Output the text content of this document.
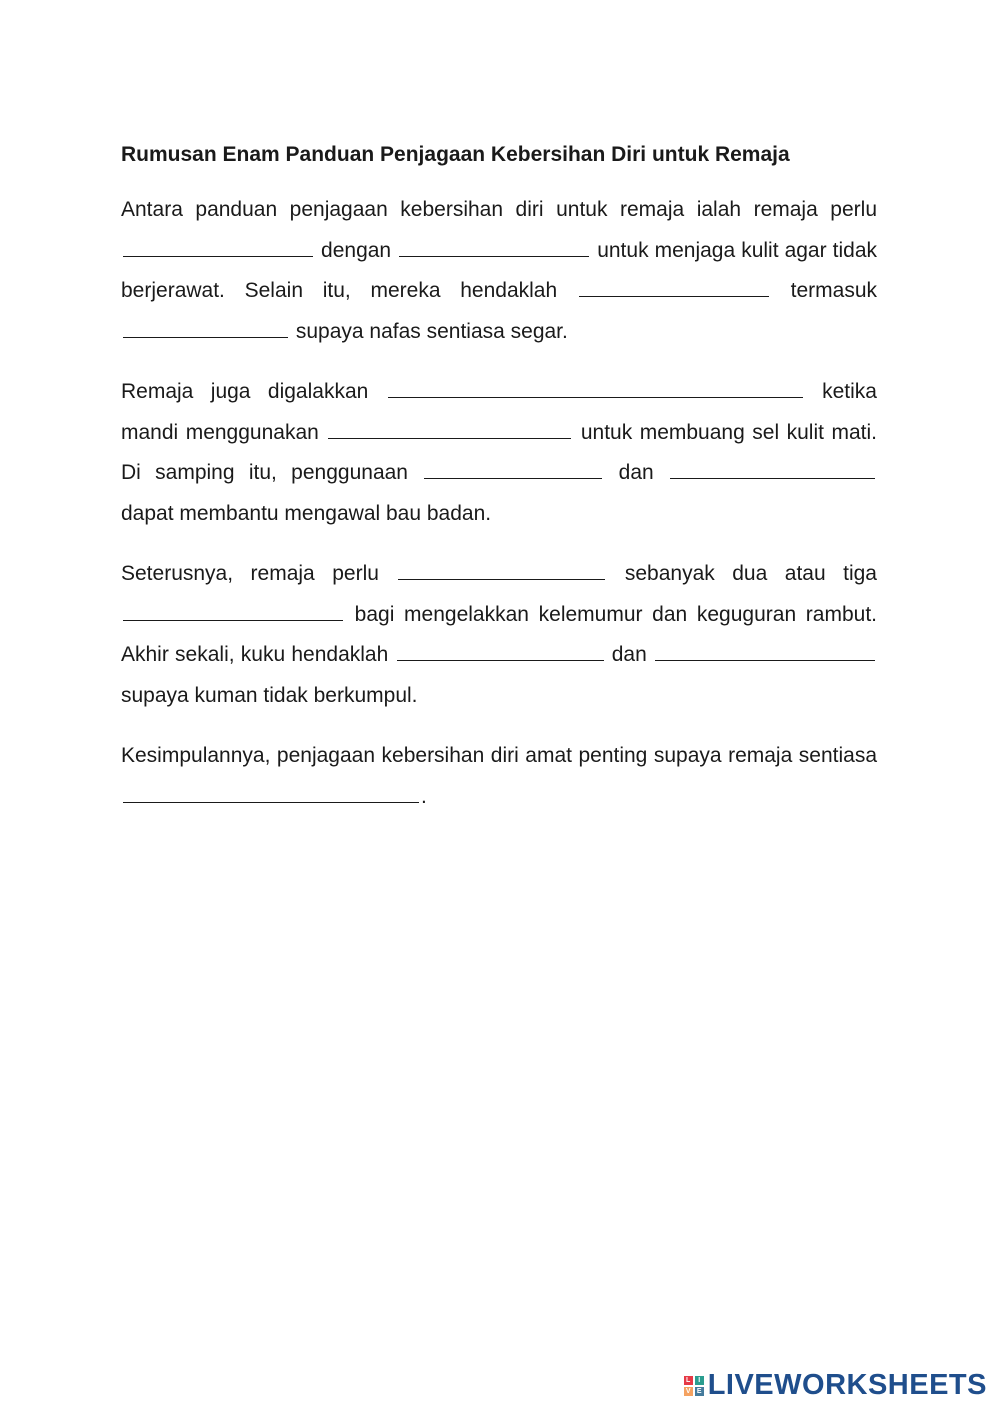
Rumusan Enam Panduan Penjagaan Kebersihan Diri untuk Remaja

Antara panduan penjagaan kebersihan diri untuk remaja ialah remaja perlu  dengan	untuk menjaga kulit agar tidak berjerawat. Selain itu, mereka hendaklah	termasuk  supaya nafas sentiasa segar.

Remaja juga digalakkan	ketika mandi menggunakan	untuk membuang sel kulit mati. Di samping itu, penggunaan	dan	dapat membantu mengawal bau badan.

Seterusnya, remaja perlu	sebanyak dua atau tiga  bagi mengelakkan kelemumur dan keguguran rambut. Akhir sekali, kuku hendaklah	dan	supaya kuman tidak berkumpul.

Kesimpulannya, penjagaan kebersihan diri amat penting supaya remaja sentiasa .

L	I
V E LIVEWORKSHEETS
